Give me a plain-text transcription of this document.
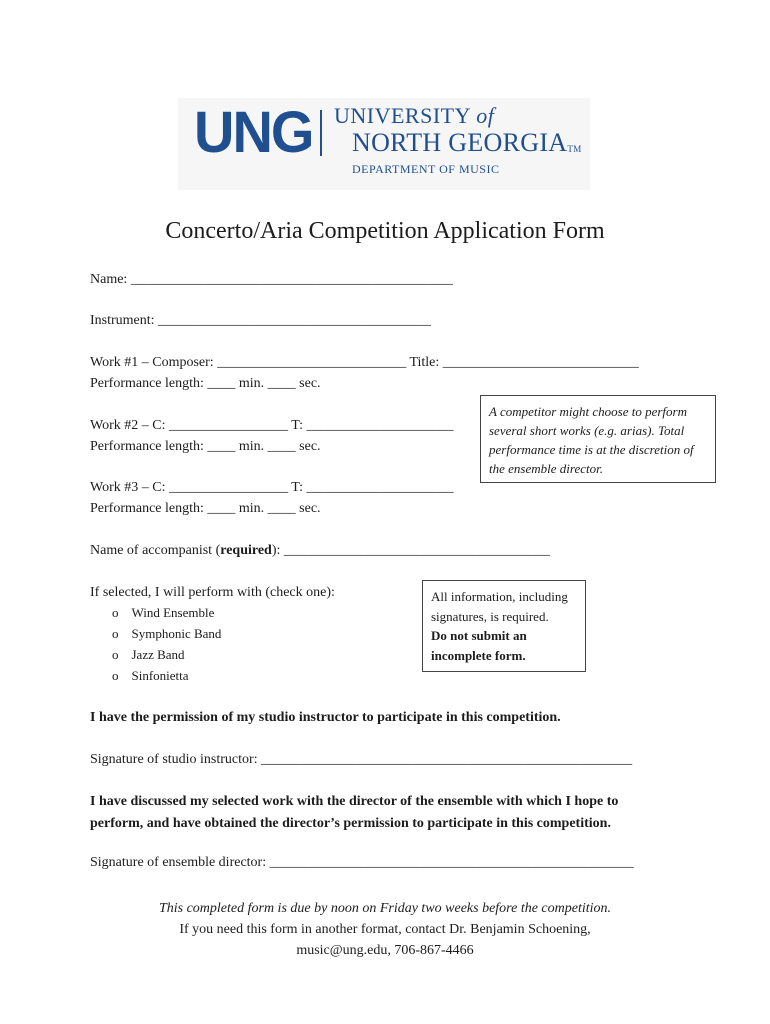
UNG UNIVERSITY of
NORTH GEORGIA™
DEPARTMENT OF MUSIC
Concerto/Aria Competition Application Form
Name: ______________________________________________
Instrument: _______________________________________
Work #1 – Composer: ___________________________ Title: ____________________________
Performance length: ____ min. ____ sec.
Work #2 – C: _________________ T: _____________________
Performance length: ____ min. ____ sec.
A competitor might choose to perform several short works (e.g. arias). Total performance time is at the discretion of the ensemble director.
Work #3 – C: _________________ T: _____________________
Performance length: ____ min. ____ sec.
Name of accompanist (required): ______________________________________
If selected, I will perform with (check one):
o Wind Ensemble
o Symphonic Band
o Jazz Band
o Sinfonietta
All information, including signatures, is required.
Do not submit an incomplete form.
I have the permission of my studio instructor to participate in this competition.
Signature of studio instructor: _____________________________________________________
I have discussed my selected work with the director of the ensemble with which I hope to
perform, and have obtained the director’s permission to participate in this competition.
Signature of ensemble director: ____________________________________________________
This completed form is due by noon on Friday two weeks before the competition.
If you need this form in another format, contact Dr. Benjamin Schoening,
music@ung.edu, 706-867-4466
